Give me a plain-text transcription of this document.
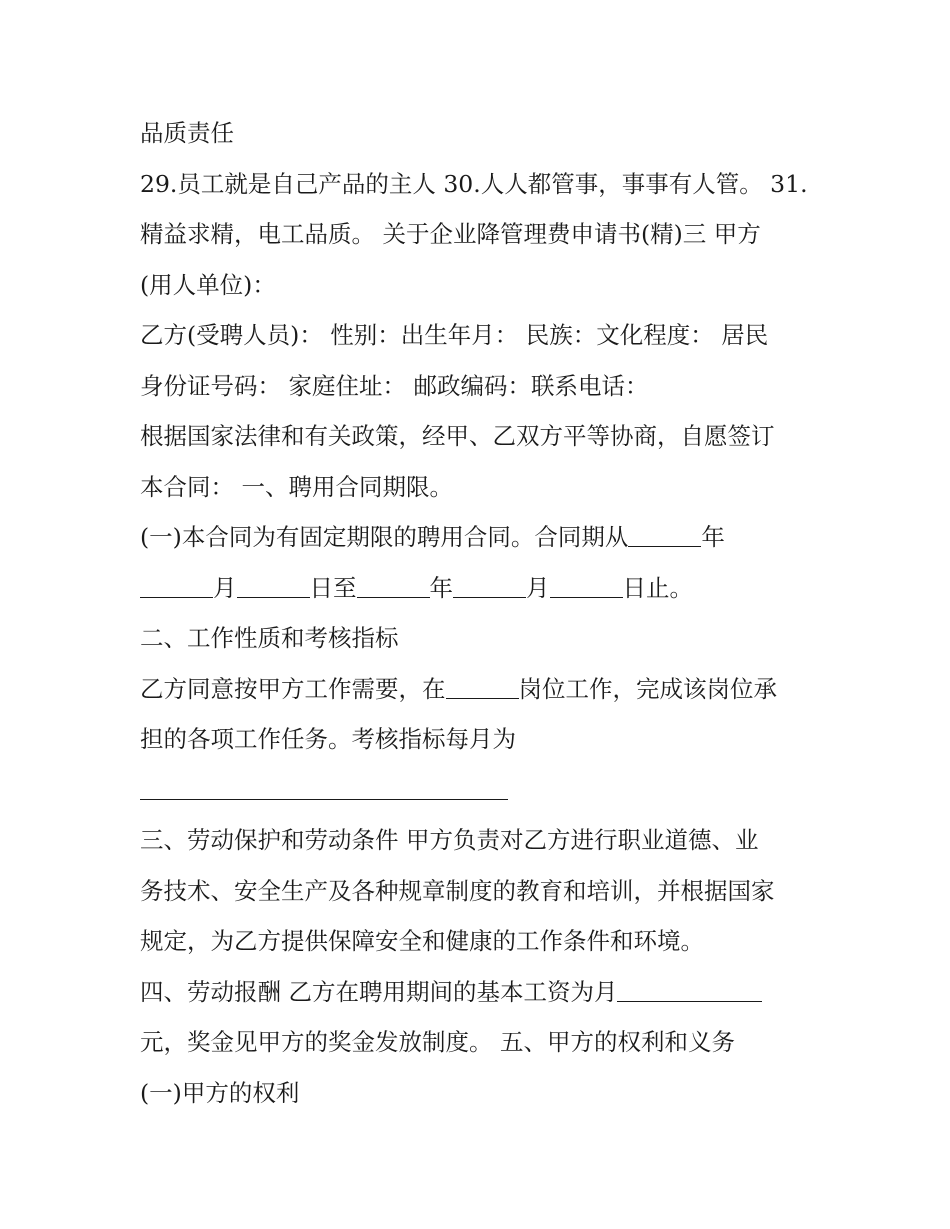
品质责任
29.员工就是自己产品的主人 30.人人都管事，事事有人管。 31.
精益求精，电工品质。 关于企业降管理费申请书(精)三 甲方
(用人单位)：
乙方(受聘人员)： 性别：出生年月： 民族：文化程度： 居民
身份证号码： 家庭住址： 邮政编码：联系电话：
根据国家法律和有关政策，经甲、乙双方平等协商，自愿签订
本合同： 一、聘用合同期限。
(一)本合同为有固定期限的聘用合同。合同期从	年
月	日至	年	月	日止。
二、工作性质和考核指标
乙方同意按甲方工作需要，在	岗位工作，完成该岗位承
担的各项工作任务。考核指标每月为
三、劳动保护和劳动条件 甲方负责对乙方进行职业道德、业
务技术、安全生产及各种规章制度的教育和培训，并根据国家
规定，为乙方提供保障安全和健康的工作条件和环境。
四、劳动报酬 乙方在聘用期间的基本工资为月
元，奖金见甲方的奖金发放制度。 五、甲方的权利和义务
(一)甲方的权利
